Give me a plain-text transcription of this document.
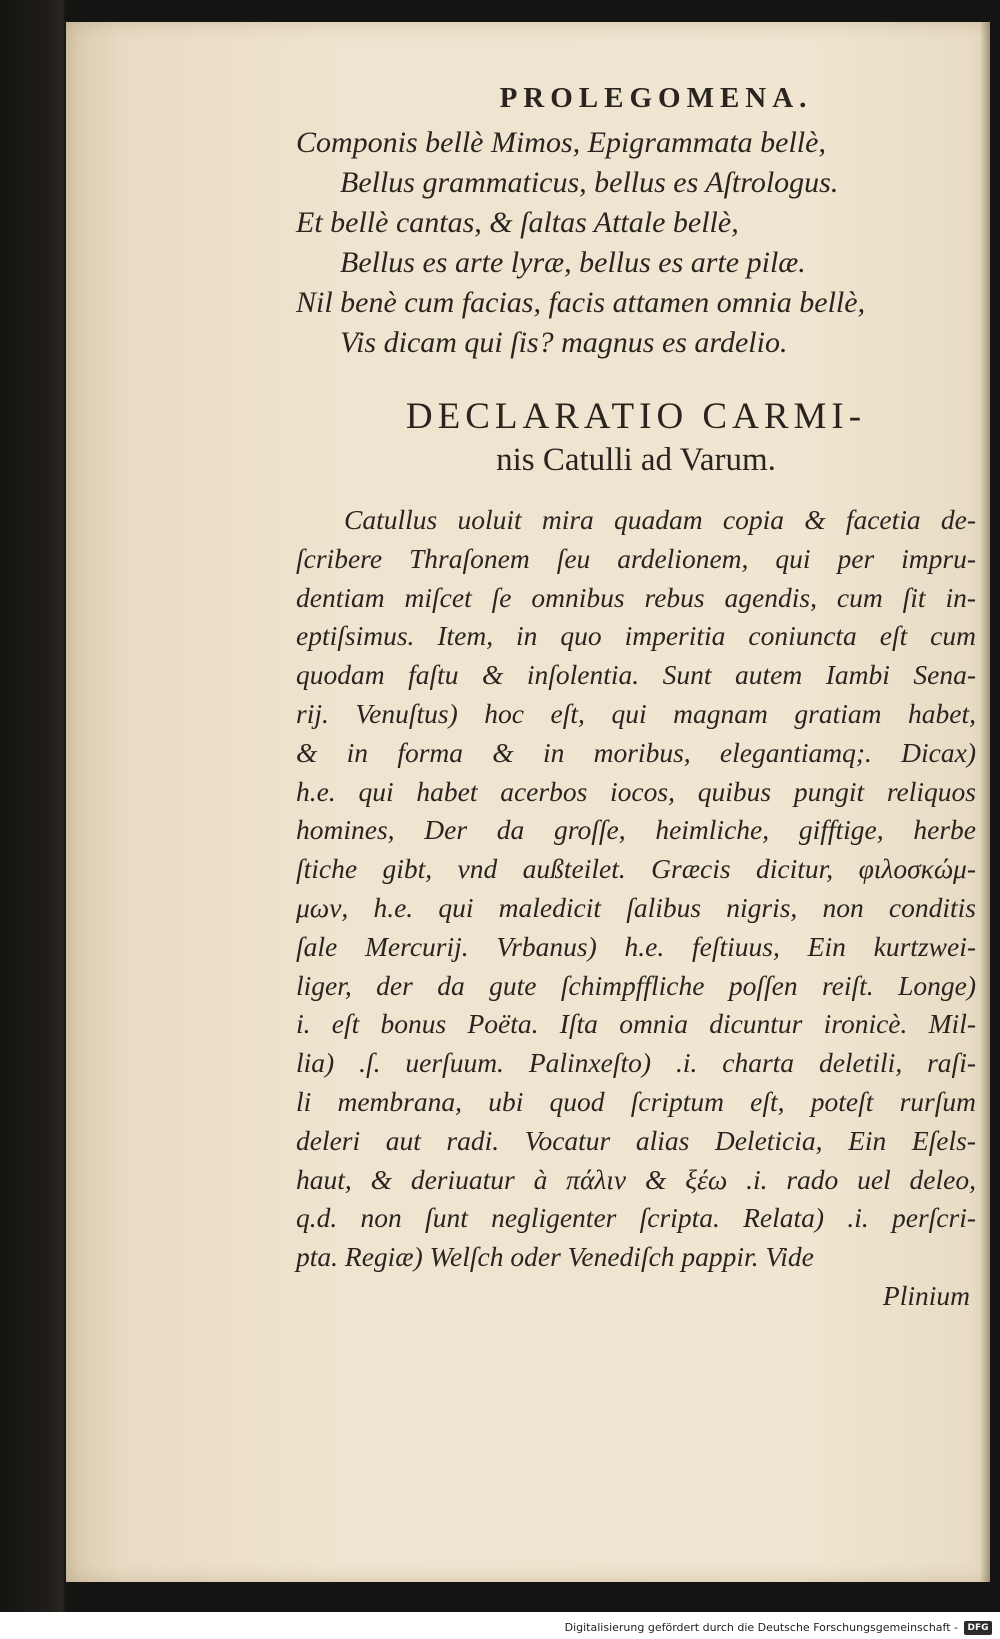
PROLEGOMENA.
Componis bellè Mimos, Epigrammata bellè,
Bellus grammaticus, bellus es Aſtrologus.
Et bellè cantas, & ſaltas Attale bellè,
Bellus es arte lyræ, bellus es arte pilæ.
Nil benè cum facias, facis attamen omnia bellè,
Vis dicam qui ſis? magnus es ardelio.
DECLARATIO CARMI-
nis Catulli ad Varum.
Catullus uoluit mira quadam copia & facetia de-
ſcribere Thraſonem ſeu ardelionem, qui per impru-
dentiam miſcet ſe omnibus rebus agendis, cum ſit in-
eptiſsimus. Item, in quo imperitia coniuncta eſt cum
quodam faſtu & inſolentia. Sunt autem Iambi Sena-
rij. Venuſtus) hoc eſt, qui magnam gratiam habet,
& in forma & in moribus, elegantiamq;. Dicax)
h.e. qui habet acerbos iocos, quibus pungit reliquos
homines, Der da groſſe, heimliche, gifftige, herbe
ſtiche gibt, vnd außteilet. Græcis dicitur, φιλοσκώμ-
μων, h.e. qui maledicit ſalibus nigris, non conditis
ſale Mercurij. Vrbanus) h.e. feſtiuus, Ein kurtzwei-
liger, der da gute ſchimpffliche poſſen reiſt. Longe)
i. eſt bonus Poëta. Iſta omnia dicuntur ironicè. Mil-
lia) .ſ. uerſuum. Palinxeſto) .i. charta deletili, raſi-
li membrana, ubi quod ſcriptum eſt, poteſt rurſum
deleri aut radi. Vocatur alias Deleticia, Ein Eſels-
haut, & deriuatur à πάλιν & ξέω .i. rado uel deleo,
q.d. non ſunt negligenter ſcripta. Relata) .i. perſcri-
pta. Regiæ) Welſch oder Venediſch pappir. Vide
Plinium
Digitalisierung gefördert durch die Deutsche Forschungsgemeinschaft -	DFG
